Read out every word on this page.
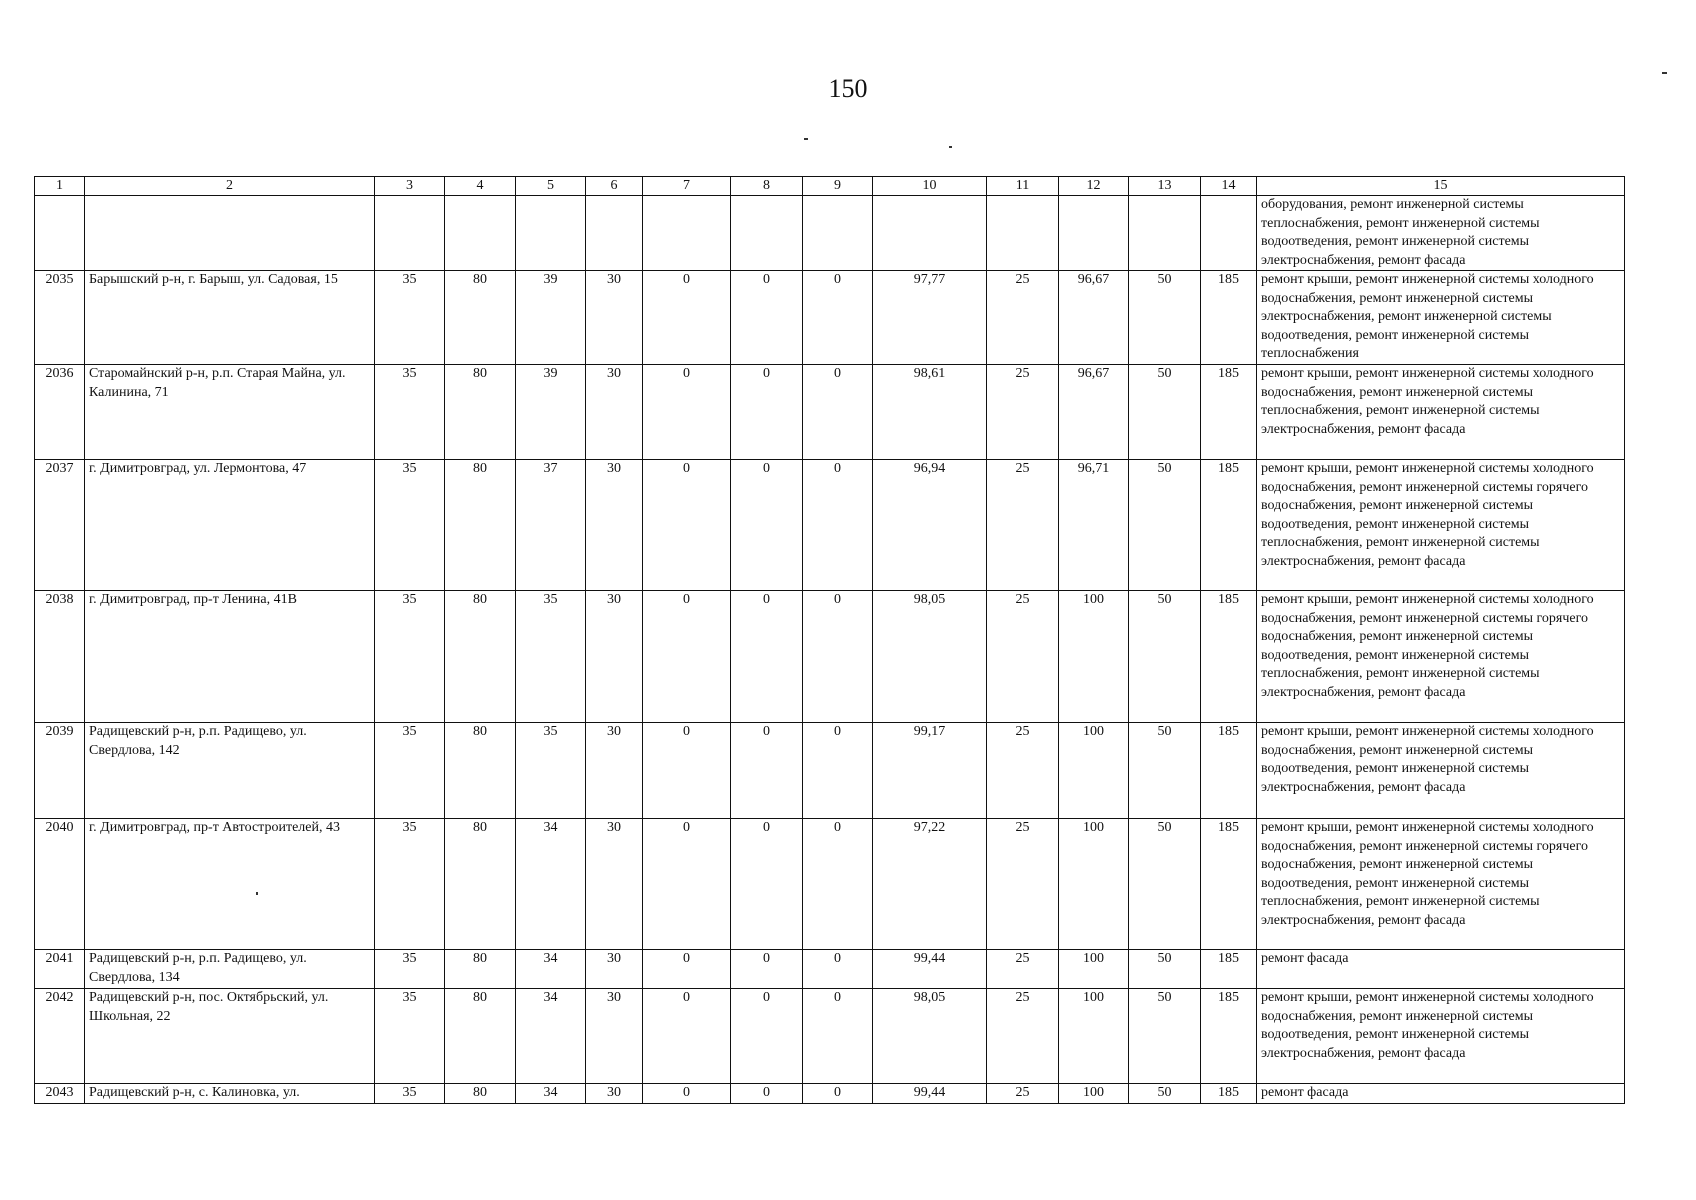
150
1	2	3	4	5	6	7	8	9	10	11	12	13	14	15
														оборудования, ремонт инженерной системы теплоснабжения, ремонт инженерной системы водоотведения, ремонт инженерной системы электроснабжения, ремонт фасада
2035	Барышский р-н, г. Барыш, ул. Садовая, 15	35	80	39	30	0	0	0	97,77	25	96,67	50	185	ремонт крыши, ремонт инженерной системы холодного водоснабжения, ремонт инженерной системы электроснабжения, ремонт инженерной системы водоотведения, ремонт инженерной системы теплоснабжения
2036	Старомайнский р-н, р.п. Старая Майна, ул. Калинина, 71	35	80	39	30	0	0	0	98,61	25	96,67	50	185	ремонт крыши, ремонт инженерной системы холодного водоснабжения, ремонт инженерной системы теплоснабжения, ремонт инженерной системы электроснабжения, ремонт фасада
2037	г. Димитровград, ул. Лермонтова, 47	35	80	37	30	0	0	0	96,94	25	96,71	50	185	ремонт крыши, ремонт инженерной системы холодного водоснабжения, ремонт инженерной системы горячего водоснабжения, ремонт инженерной системы водоотведения, ремонт инженерной системы теплоснабжения, ремонт инженерной системы электроснабжения, ремонт фасада
2038	г. Димитровград, пр-т Ленина, 41В	35	80	35	30	0	0	0	98,05	25	100	50	185	ремонт крыши, ремонт инженерной системы холодного водоснабжения, ремонт инженерной системы горячего водоснабжения, ремонт инженерной системы водоотведения, ремонт инженерной системы теплоснабжения, ремонт инженерной системы электроснабжения, ремонт фасада
2039	Радищевский р-н, р.п. Радищево, ул. Свердлова, 142	35	80	35	30	0	0	0	99,17	25	100	50	185	ремонт крыши, ремонт инженерной системы холодного водоснабжения, ремонт инженерной системы водоотведения, ремонт инженерной системы электроснабжения, ремонт фасада
2040	г. Димитровград, пр-т Автостроителей, 43	35	80	34	30	0	0	0	97,22	25	100	50	185	ремонт крыши, ремонт инженерной системы холодного водоснабжения, ремонт инженерной системы горячего водоснабжения, ремонт инженерной системы водоотведения, ремонт инженерной системы теплоснабжения, ремонт инженерной системы электроснабжения, ремонт фасада
2041	Радищевский р-н, р.п. Радищево, ул. Свердлова, 134	35	80	34	30	0	0	0	99,44	25	100	50	185	ремонт фасада
2042	Радищевский р-н, пос. Октябрьский, ул. Школьная, 22	35	80	34	30	0	0	0	98,05	25	100	50	185	ремонт крыши, ремонт инженерной системы холодного водоснабжения, ремонт инженерной системы водоотведения, ремонт инженерной системы электроснабжения, ремонт фасада
2043	Радищевский р-н, с. Калиновка, ул.	35	80	34	30	0	0	0	99,44	25	100	50	185	ремонт фасада
